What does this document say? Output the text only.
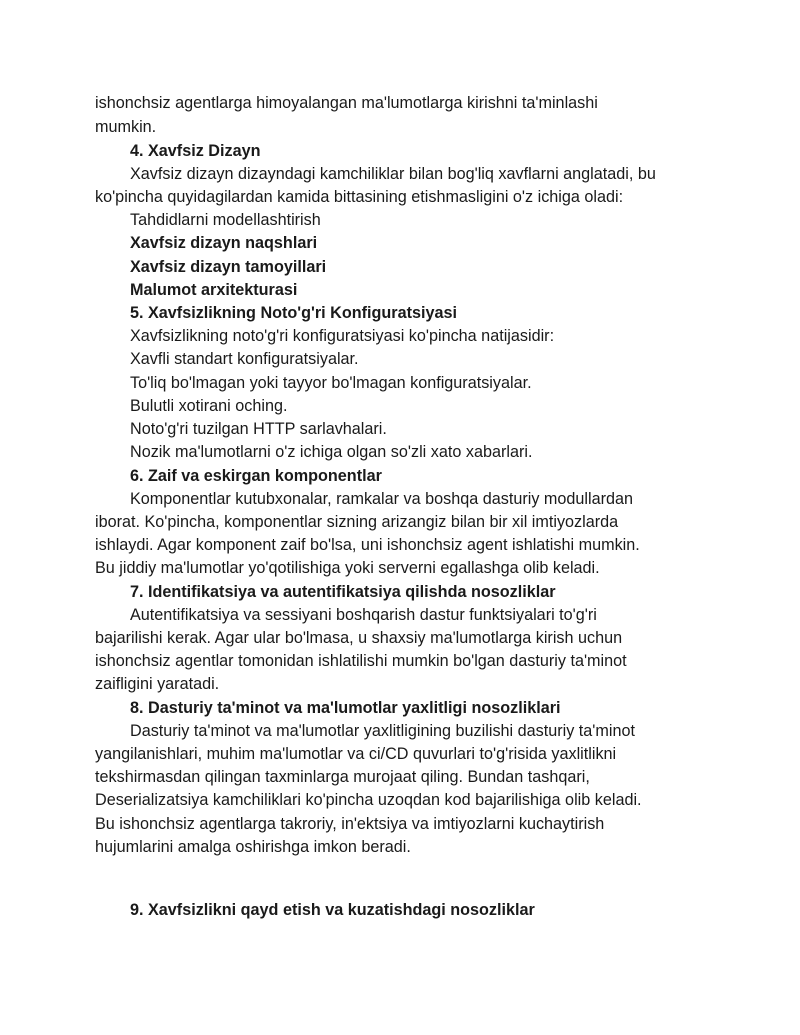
ishonchsiz agentlarga himoyalangan ma'lumotlarga kirishni ta'minlashi
mumkin.
4. Xavfsiz Dizayn
Xavfsiz dizayn dizayndagi kamchiliklar bilan bog'liq xavflarni anglatadi, bu
ko'pincha quyidagilardan kamida bittasining etishmasligini o'z ichiga oladi:
Tahdidlarni modellashtirish
Xavfsiz dizayn naqshlari
Xavfsiz dizayn tamoyillari
Malumot arxitekturasi
5. Xavfsizlikning Noto'g'ri Konfiguratsiyasi
Xavfsizlikning noto'g'ri konfiguratsiyasi ko'pincha natijasidir:
Xavfli standart konfiguratsiyalar.
To'liq bo'lmagan yoki tayyor bo'lmagan konfiguratsiyalar.
Bulutli xotirani oching.
Noto'g'ri tuzilgan HTTP sarlavhalari.
Nozik ma'lumotlarni o'z ichiga olgan so'zli xato xabarlari.
6. Zaif va eskirgan komponentlar
Komponentlar kutubxonalar, ramkalar va boshqa dasturiy modullardan
iborat. Ko'pincha, komponentlar sizning arizangiz bilan bir xil imtiyozlarda
ishlaydi. Agar komponent zaif bo'lsa, uni ishonchsiz agent ishlatishi mumkin.
Bu jiddiy ma'lumotlar yo'qotilishiga yoki serverni egallashga olib keladi.
7. Identifikatsiya va autentifikatsiya qilishda nosozliklar
Autentifikatsiya va sessiyani boshqarish dastur funktsiyalari to'g'ri
bajarilishi kerak. Agar ular bo'lmasa, u shaxsiy ma'lumotlarga kirish uchun
ishonchsiz agentlar tomonidan ishlatilishi mumkin bo'lgan dasturiy ta'minot
zaifligini yaratadi.
8. Dasturiy ta'minot va ma'lumotlar yaxlitligi nosozliklari
Dasturiy ta'minot va ma'lumotlar yaxlitligining buzilishi dasturiy ta'minot
yangilanishlari, muhim ma'lumotlar va ci/CD quvurlari to'g'risida yaxlitlikni
tekshirmasdan qilingan taxminlarga murojaat qiling. Bundan tashqari,
Deserializatsiya kamchiliklari ko'pincha uzoqdan kod bajarilishiga olib keladi.
Bu ishonchsiz agentlarga takroriy, in'ektsiya va imtiyozlarni kuchaytirish
hujumlarini amalga oshirishga imkon beradi.
9. Xavfsizlikni qayd etish va kuzatishdagi nosozliklar
